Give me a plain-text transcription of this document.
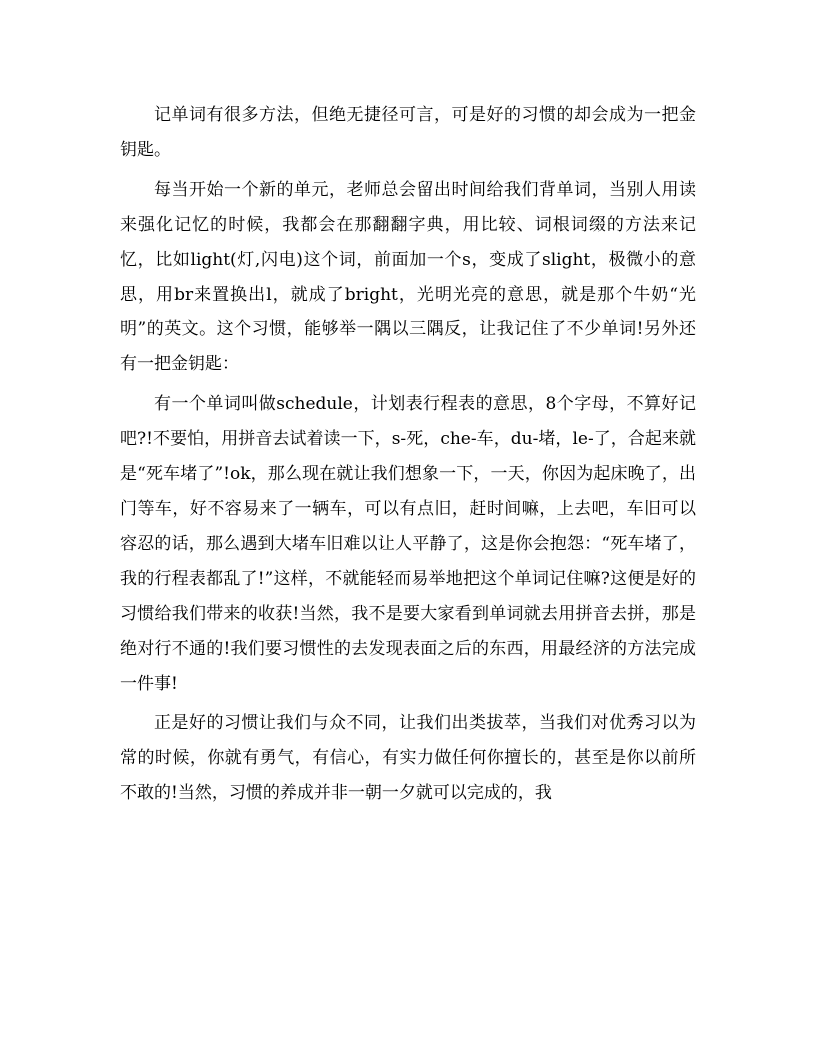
记单词有很多方法，但绝无捷径可言，可是好的习惯的却会成为一把金钥匙。

每当开始一个新的单元，老师总会留出时间给我们背单词，当别人用读来强化记忆的时候，我都会在那翻翻字典，用比较、词根词缀的方法来记忆，比如light(灯,闪电)这个词，前面加一个s，变成了slight，极微小的意思，用br来置换出l，就成了bright，光明光亮的意思，就是那个牛奶“光明”的英文。这个习惯，能够举一隅以三隅反，让我记住了不少单词!另外还有一把金钥匙：

有一个单词叫做schedule，计划表行程表的意思，8个字母，不算好记吧?!不要怕，用拼音去试着读一下，s-死，che-车，du-堵，le-了，合起来就是“死车堵了”!ok，那么现在就让我们想象一下，一天，你因为起床晚了，出门等车，好不容易来了一辆车，可以有点旧，赶时间嘛，上去吧，车旧可以容忍的话，那么遇到大堵车旧难以让人平静了，这是你会抱怨：“死车堵了，我的行程表都乱了!”这样，不就能轻而易举地把这个单词记住嘛?这便是好的习惯给我们带来的收获!当然，我不是要大家看到单词就去用拼音去拼，那是绝对行不通的!我们要习惯性的去发现表面之后的东西，用最经济的方法完成一件事!

正是好的习惯让我们与众不同，让我们出类拔萃，当我们对优秀习以为常的时候，你就有勇气，有信心，有实力做任何你擅长的，甚至是你以前所不敢的!当然，习惯的养成并非一朝一夕就可以完成的，我
